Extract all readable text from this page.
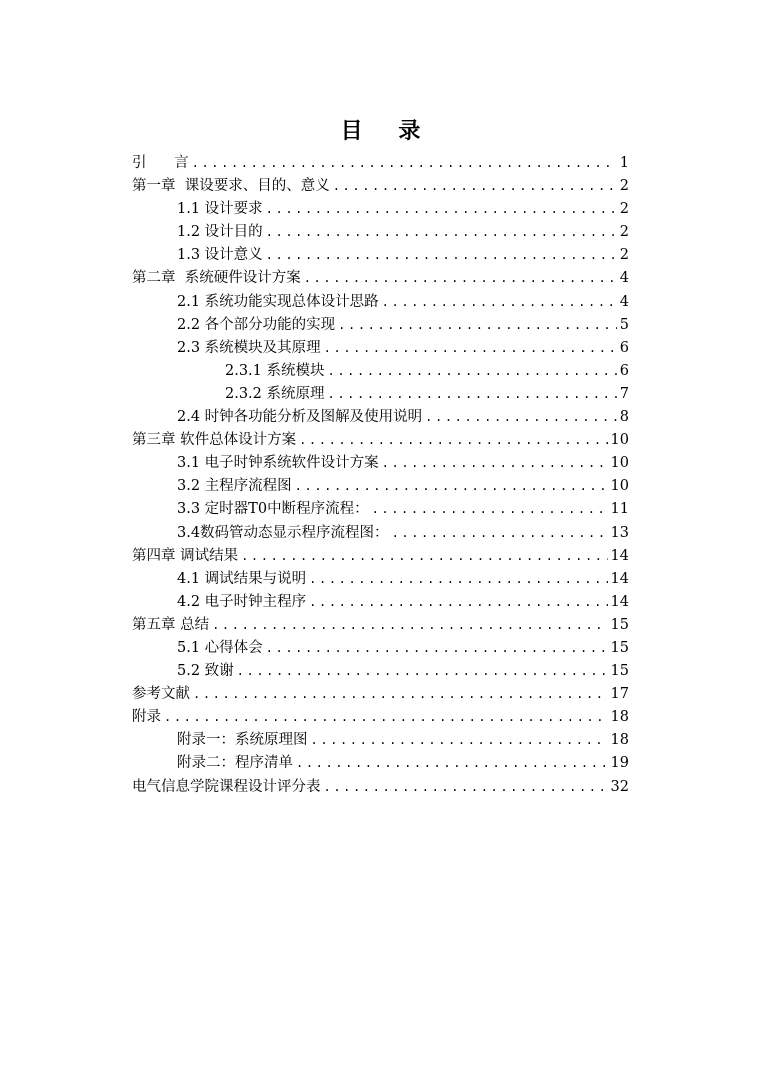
目 录
引      言 .....	1
第一章  课设要求、目的、意义 .....	2
1.1 设计要求 .....	2
1.2 设计目的 .....	2
1.3 设计意义 .....	2
第二章  系统硬件设计方案 .....	4
2.1 系统功能实现总体设计思路 .....	4
2.2 各个部分功能的实现 .....	5
2.3 系统模块及其原理 .....	6
2.3.1 系统模块 .....	6
2.3.2 系统原理 .....	7
2.4 时钟各功能分析及图解及使用说明 .....	8
第三章 软件总体设计方案 .....	10
3.1 电子时钟系统软件设计方案 .....	10
3.2 主程序流程图 .....	10
3.3 定时器T0中断程序流程： .....	11
3.4数码管动态显示程序流程图： .....	13
第四章 调试结果 .....	14
4.1 调试结果与说明 .....	14
4.2 电子时钟主程序 .....	14
第五章 总结 .....	15
5.1 心得体会 .....	15
5.2 致谢 .....	15
参考文献 .....	17
附录 .....	18
附录一：系统原理图 .....	18
附录二：程序清单 .....	19
电气信息学院课程设计评分表 .....	32
